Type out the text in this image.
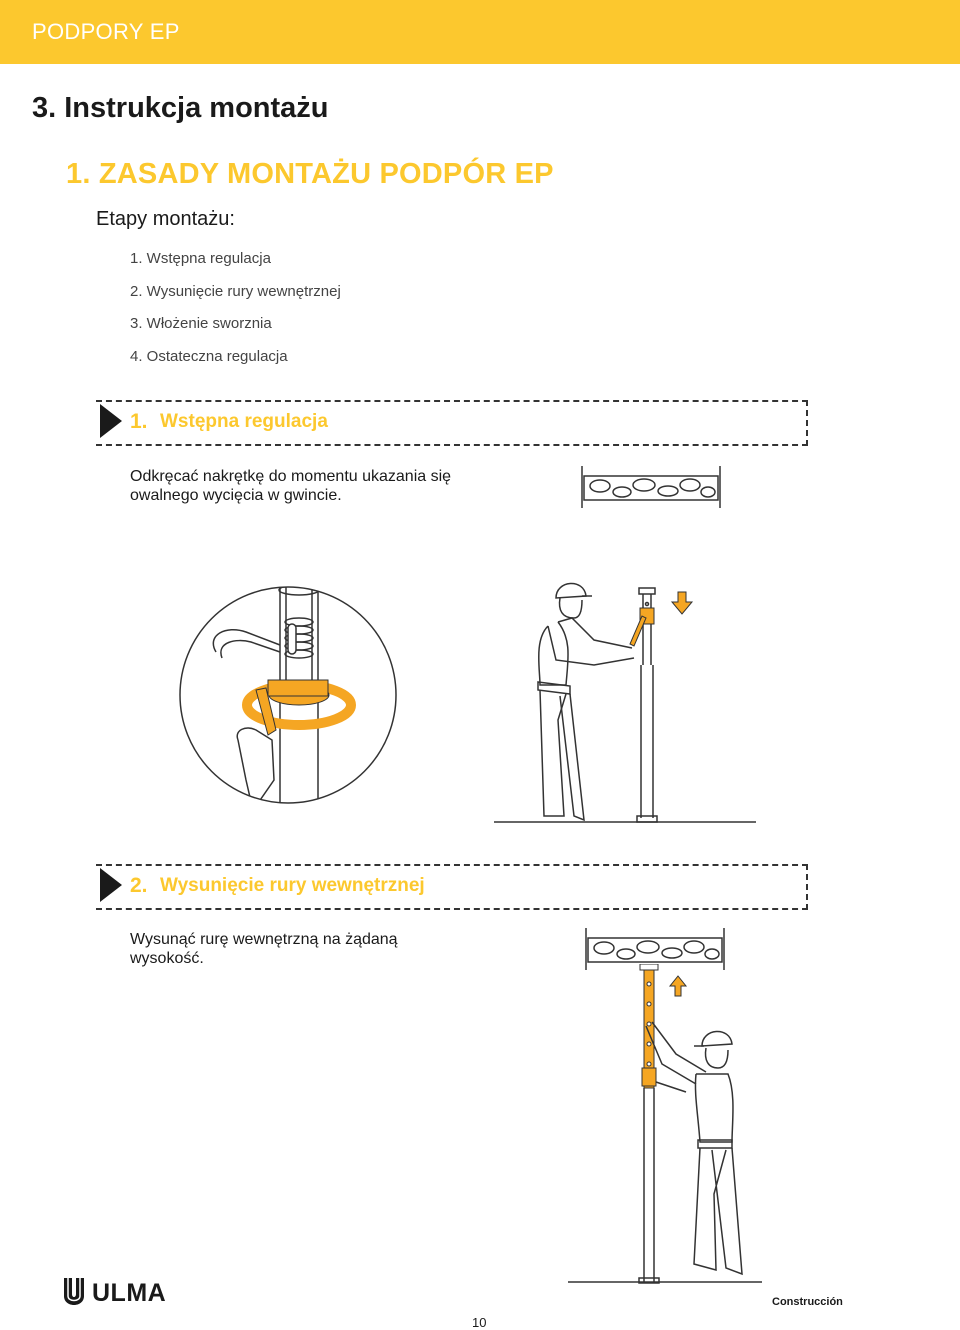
PODPORY EP
3. Instrukcja montażu
1. ZASADY MONTAŻU PODPÓR EP
Etapy montażu:
1. Wstępna regulacja
2. Wysunięcie rury wewnętrznej
3. Włożenie sworznia
4. Ostateczna regulacja
1. Wstępna regulacja
Odkręcać nakrętkę do momentu ukazania się
owalnego wycięcia w gwincie.
2. Wysunięcie rury wewnętrznej
Wysunąć rurę wewnętrzną na żądaną
wysokość.
ULMA
10
Construcción
